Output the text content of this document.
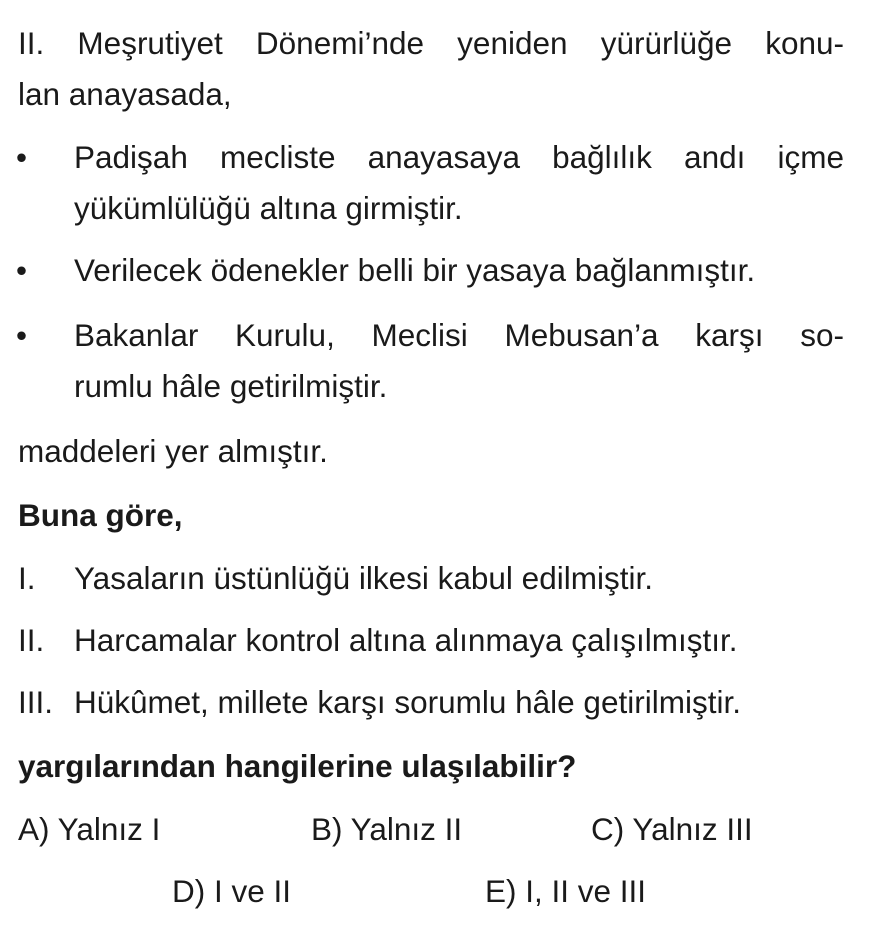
II. Meşrutiyet Dönemi’nde yeniden yürürlüğe konu-
lan anayasada,
• Padişah mecliste anayasaya bağlılık andı içme
yükümlülüğü altına girmiştir.
• Verilecek ödenekler belli bir yasaya bağlanmıştır.
• Bakanlar Kurulu, Meclisi Mebusan’a karşı so-
rumlu hâle getirilmiştir.
maddeleri yer almıştır.
Buna göre,
I. Yasaların üstünlüğü ilkesi kabul edilmiştir.
II. Harcamalar kontrol altına alınmaya çalışılmıştır.
III. Hükûmet, millete karşı sorumlu hâle getirilmiştir.
yargılarından hangilerine ulaşılabilir?
A) Yalnız I	B) Yalnız II	C) Yalnız III
D) I ve II	E) I, II ve III
